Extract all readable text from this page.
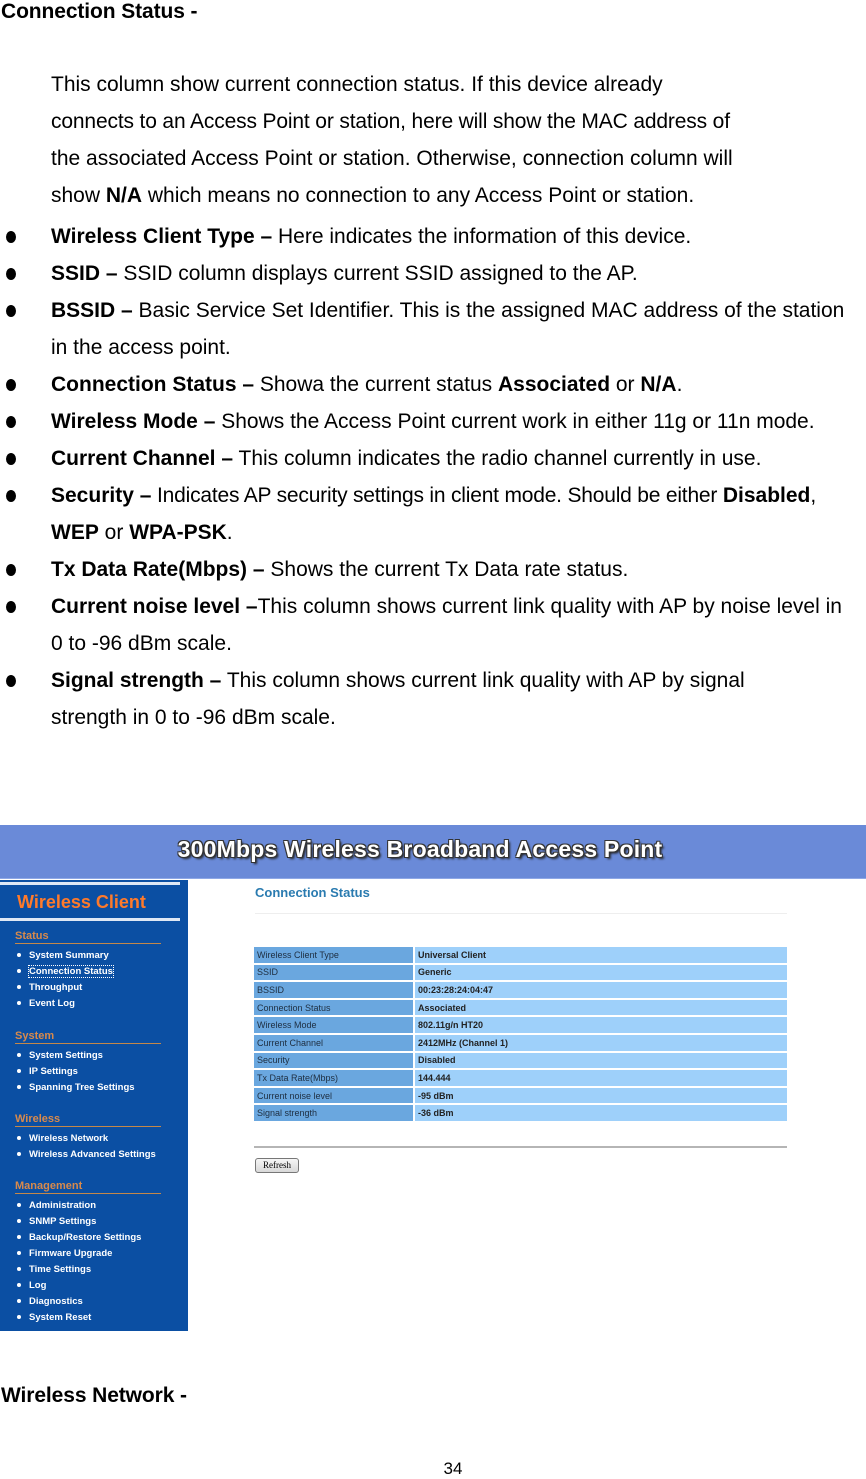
Connection Status -
This column show current connection status. If this device already
connects to an Access Point or station, here will show the MAC address of
the associated Access Point or station. Otherwise, connection column will
show N/A which means no connection to any Access Point or station.
Wireless Client Type – Here indicates the information of this device.
SSID – SSID column displays current SSID assigned to the AP.
BSSID – Basic Service Set Identifier. This is the assigned MAC address of the station in the access point.
Connection Status – Showa the current status Associated or N/A.
Wireless Mode – Shows the Access Point current work in either 11g or 11n mode.
Current Channel – This column indicates the radio channel currently in use.
Security – Indicates AP security settings in client mode. Should be either Disabled, WEP or WPA-PSK.
Tx Data Rate(Mbps) – Shows the current Tx Data rate status.
Current noise level –This column shows current link quality with AP by noise level in 0 to -96 dBm scale.
Signal strength – This column shows current link quality with AP by signal strength in 0 to -96 dBm scale.
300Mbps Wireless Broadband Access Point
Wireless Client
Status
System Summary
Connection Status
Throughput
Event Log
System
System Settings
IP Settings
Spanning Tree Settings
Wireless
Wireless Network
Wireless Advanced Settings
Management
Administration
SNMP Settings
Backup/Restore Settings
Firmware Upgrade
Time Settings
Log
Diagnostics
System Reset
Connection Status
Wireless Client Type	Universal Client
SSID	Generic
BSSID	00:23:28:24:04:47
Connection Status	Associated
Wireless Mode	802.11g/n HT20
Current Channel	2412MHz (Channel 1)
Security	Disabled
Tx Data Rate(Mbps)	144.444
Current noise level	-95 dBm
Signal strength	-36 dBm
Refresh
Wireless Network -
34
